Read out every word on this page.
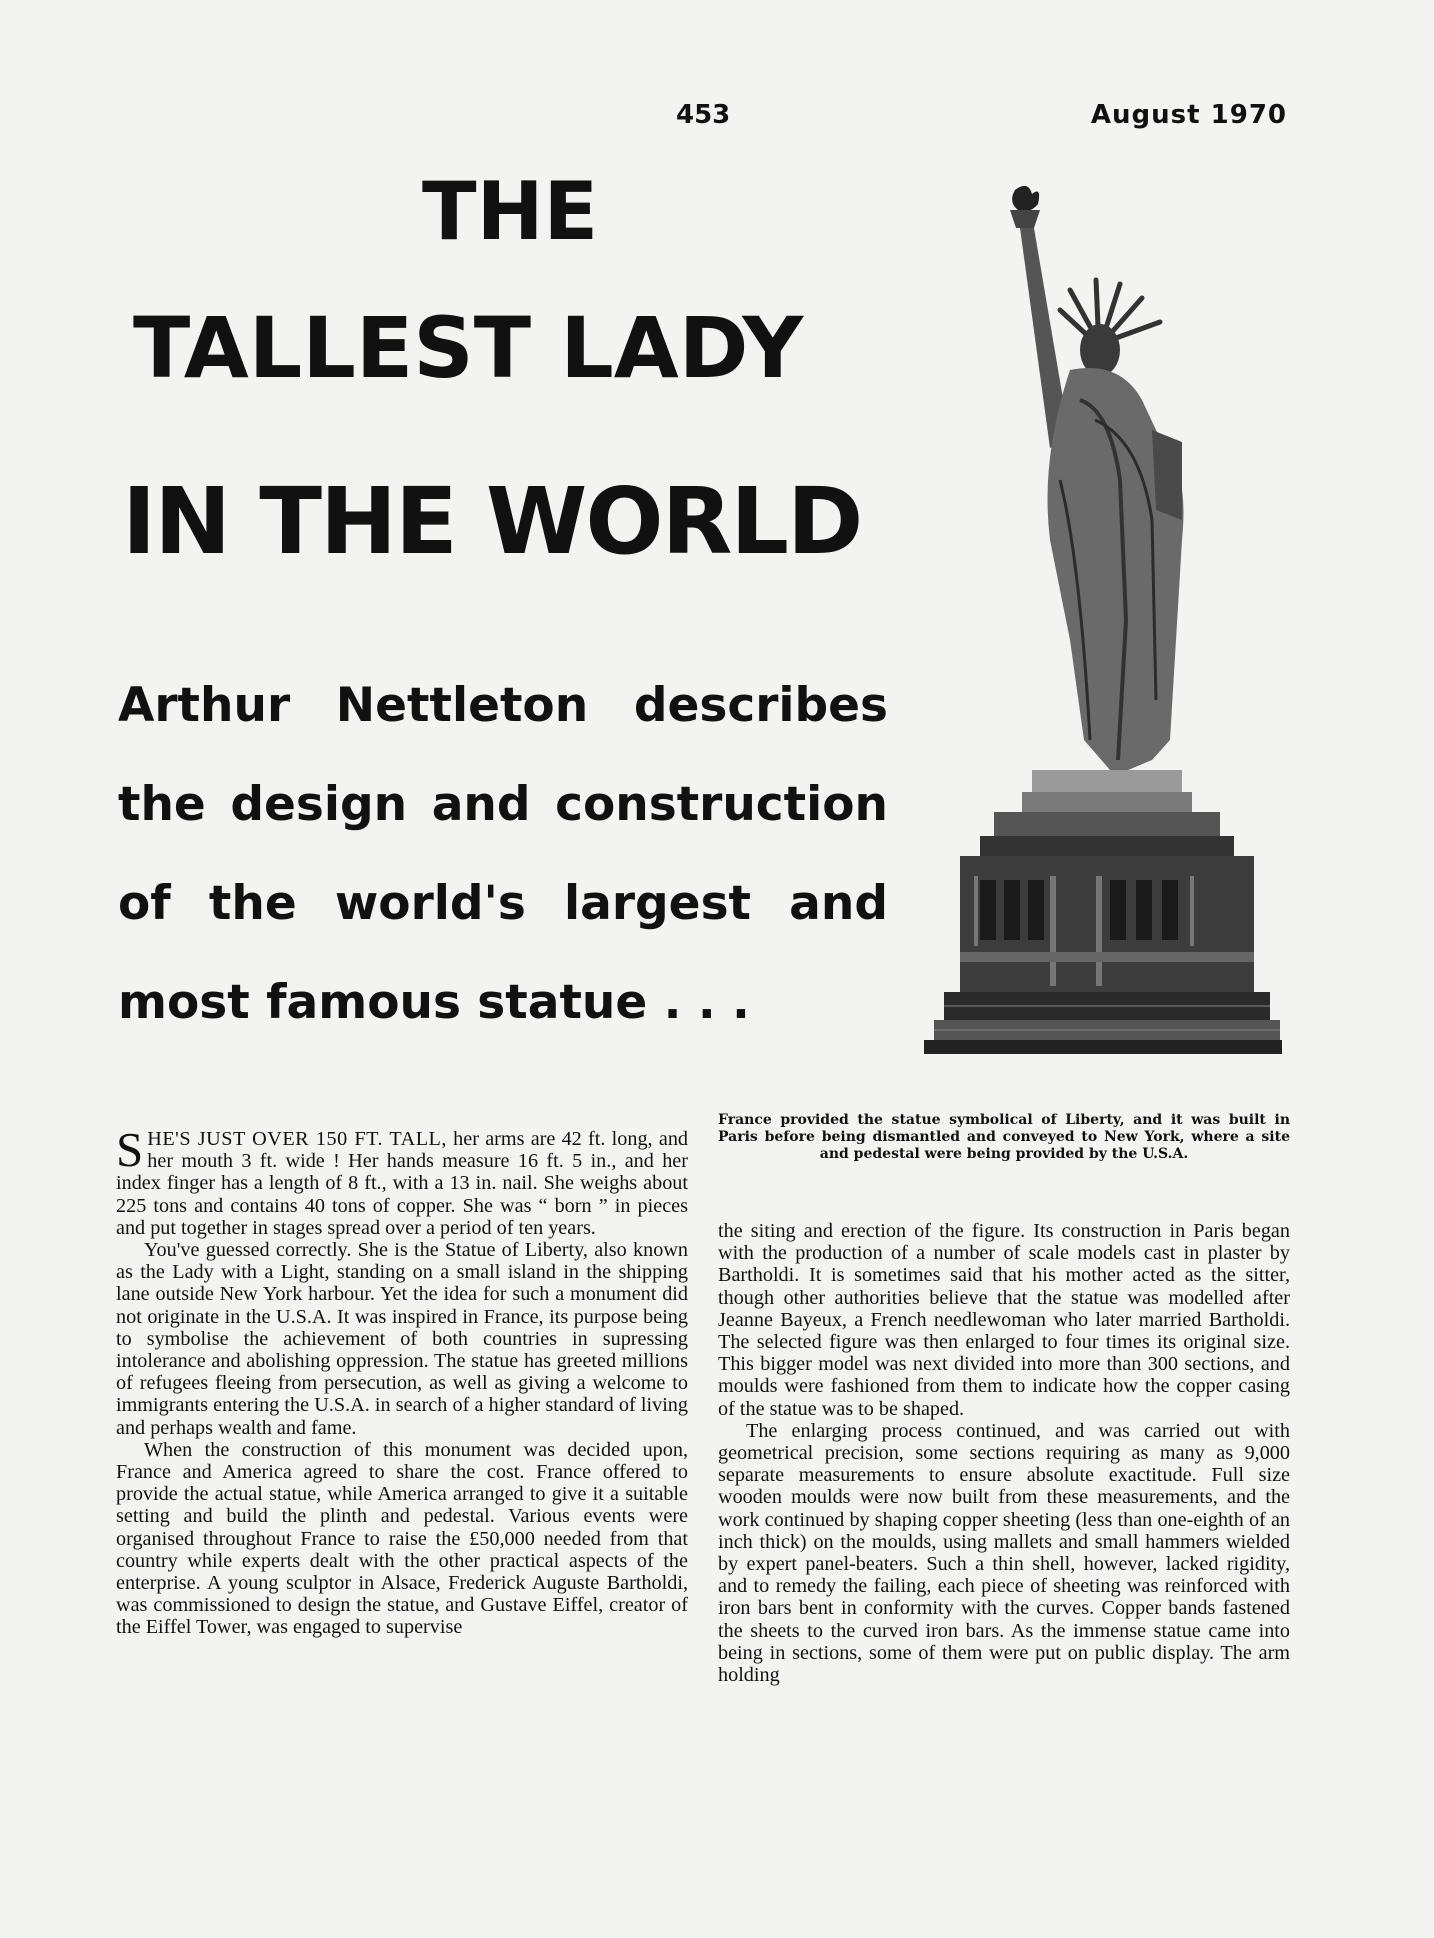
453	August 1970
THE
TALLEST LADY
IN THE WORLD
Arthur Nettleton describes the design and construction of the world's largest and most famous statue . . .
France provided the statue symbolical of Liberty, and it was built in Paris before being dismantled and conveyed to New York, where a site and pedestal were being provided by the U.S.A.

SHE'S JUST OVER 150 FT. TALL, her arms are 42 ft. long, and her mouth 3 ft. wide ! Her hands measure 16 ft. 5 in., and her index finger has a length of 8 ft., with a 13 in. nail. She weighs about 225 tons and contains 40 tons of copper. She was “ born ” in pieces and put together in stages spread over a period of ten years.

You've guessed correctly. She is the Statue of Liberty, also known as the Lady with a Light, standing on a small island in the shipping lane outside New York harbour. Yet the idea for such a monument did not originate in the U.S.A. It was inspired in France, its purpose being to symbolise the achievement of both countries in supressing intolerance and abolishing oppression. The statue has greeted millions of refugees fleeing from persecution, as well as giving a welcome to immigrants entering the U.S.A. in search of a higher standard of living and perhaps wealth and fame.

When the construction of this monument was decided upon, France and America agreed to share the cost. France offered to provide the actual statue, while America arranged to give it a suitable setting and build the plinth and pedestal. Various events were organised throughout France to raise the £50,000 needed from that country while experts dealt with the other practical aspects of the enterprise. A young sculptor in Alsace, Frederick Auguste Bartholdi, was commissioned to design the statue, and Gustave Eiffel, creator of the Eiffel Tower, was engaged to supervise

the siting and erection of the figure. Its construction in Paris began with the production of a number of scale models cast in plaster by Bartholdi. It is sometimes said that his mother acted as the sitter, though other authorities believe that the statue was modelled after Jeanne Bayeux, a French needlewoman who later married Bartholdi. The selected figure was then enlarged to four times its original size. This bigger model was next divided into more than 300 sections, and moulds were fashioned from them to indicate how the copper casing of the statue was to be shaped.

The enlarging process continued, and was carried out with geometrical precision, some sections requiring as many as 9,000 separate measurements to ensure absolute exactitude. Full size wooden moulds were now built from these measurements, and the work continued by shaping copper sheeting (less than one-eighth of an inch thick) on the moulds, using mallets and small hammers wielded by expert panel-beaters. Such a thin shell, however, lacked rigidity, and to remedy the failing, each piece of sheeting was reinforced with iron bars bent in conformity with the curves. Copper bands fastened the sheets to the curved iron bars. As the immense statue came into being in sections, some of them were put on public display. The arm holding
